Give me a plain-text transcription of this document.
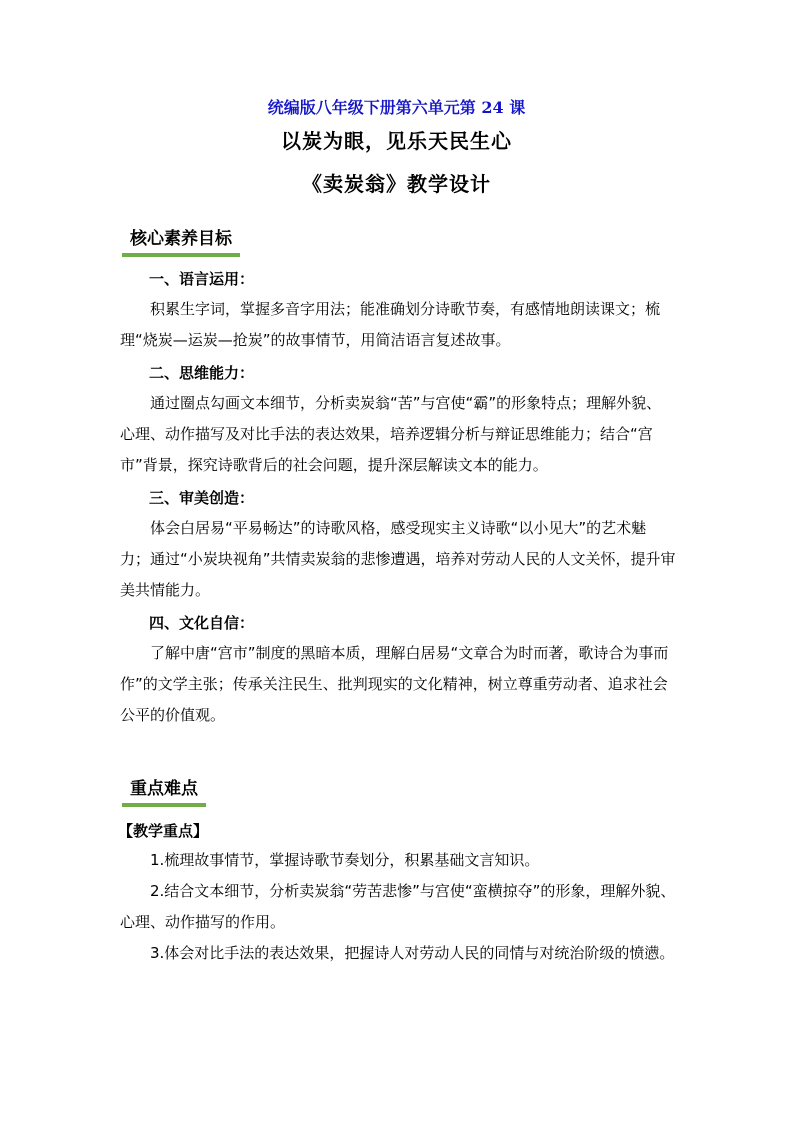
统编版八年级下册第六单元第 24 课
以炭为眼，见乐天民生心
《卖炭翁》教学设计
核心素养目标
一、语言运用：
积累生字词，掌握多音字用法；能准确划分诗歌节奏，有感情地朗读课文；梳理“烧炭—运炭—抢炭”的故事情节，用简洁语言复述故事。
二、思维能力：
通过圈点勾画文本细节，分析卖炭翁“苦”与宫使“霸”的形象特点；理解外貌、心理、动作描写及对比手法的表达效果，培养逻辑分析与辩证思维能力；结合“宫市”背景，探究诗歌背后的社会问题，提升深层解读文本的能力。
三、审美创造：
体会白居易“平易畅达”的诗歌风格，感受现实主义诗歌“以小见大”的艺术魅力；通过“小炭块视角”共情卖炭翁的悲惨遭遇，培养对劳动人民的人文关怀，提升审美共情能力。
四、文化自信：
了解中唐“宫市”制度的黑暗本质，理解白居易“文章合为时而著，歌诗合为事而作”的文学主张；传承关注民生、批判现实的文化精神，树立尊重劳动者、追求社会公平的价值观。
重点难点
【教学重点】
1.梳理故事情节，掌握诗歌节奏划分，积累基础文言知识。
2.结合文本细节，分析卖炭翁“劳苦悲惨”与宫使“蛮横掠夺”的形象，理解外貌、心理、动作描写的作用。
3.体会对比手法的表达效果，把握诗人对劳动人民的同情与对统治阶级的愤懑。
